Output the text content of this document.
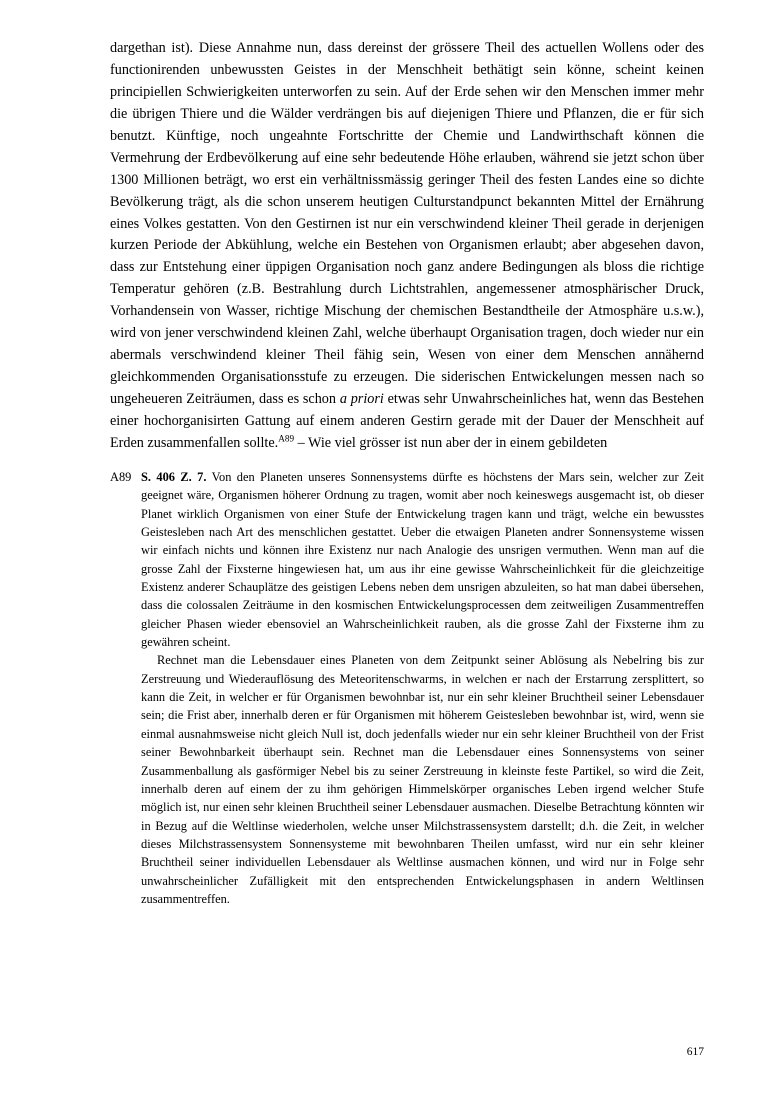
dargethan ist). Diese Annahme nun, dass dereinst der grössere Theil des actuellen Wollens oder des functionirenden unbewussten Geistes in der Menschheit bethätigt sein könne, scheint keinen principiellen Schwierigkeiten unterworfen zu sein. Auf der Erde sehen wir den Menschen immer mehr die übrigen Thiere und die Wälder verdrängen bis auf diejenigen Thiere und Pflanzen, die er für sich benutzt. Künftige, noch ungeahnte Fortschritte der Chemie und Landwirthschaft können die Vermehrung der Erdbevölkerung auf eine sehr bedeutende Höhe erlauben, während sie jetzt schon über 1300 Millionen beträgt, wo erst ein verhältnissmässig geringer Theil des festen Landes eine so dichte Bevölkerung trägt, als die schon unserem heutigen Culturstandpunct bekannten Mittel der Ernährung eines Volkes gestatten. Von den Gestirnen ist nur ein verschwindend kleiner Theil gerade in derjenigen kurzen Periode der Abkühlung, welche ein Bestehen von Organismen erlaubt; aber abgesehen davon, dass zur Entstehung einer üppigen Organisation noch ganz andere Bedingungen als bloss die richtige Temperatur gehören (z.B. Bestrahlung durch Lichtstrahlen, angemessener atmosphärischer Druck, Vorhandensein von Wasser, richtige Mischung der chemischen Bestandtheile der Atmosphäre u.s.w.), wird von jener verschwindend kleinen Zahl, welche überhaupt Organisation tragen, doch wieder nur ein abermals verschwindend kleiner Theil fähig sein, Wesen von einer dem Menschen annähernd gleichkommenden Organisationsstufe zu erzeugen. Die siderischen Entwickelungen messen nach so ungeheueren Zeiträumen, dass es schon a priori etwas sehr Unwahrscheinliches hat, wenn das Bestehen einer hochorganisirten Gattung auf einem anderen Gestirn gerade mit der Dauer der Menschheit auf Erden zusammenfallen sollte.$^{A89}$ – Wie viel grösser ist nun aber der in einem gebildeten

A89 S. 406 Z. 7. Von den Planeten unseres Sonnensystems dürfte es höchstens der Mars sein, welcher zur Zeit geeignet wäre, Organismen höherer Ordnung zu tragen, womit aber noch keineswegs ausgemacht ist, ob dieser Planet wirklich Organismen von einer Stufe der Entwickelung tragen kann und trägt, welche ein bewusstes Geistesleben nach Art des menschlichen gestattet. Ueber die etwaigen Planeten andrer Sonnensysteme wissen wir einfach nichts und können ihre Existenz nur nach Analogie des unsrigen vermuthen. Wenn man auf die grosse Zahl der Fixsterne hingewiesen hat, um aus ihr eine gewisse Wahrscheinlichkeit für die gleichzeitige Existenz anderer Schauplätze des geistigen Lebens neben dem unsrigen abzuleiten, so hat man dabei übersehen, dass die colossalen Zeiträume in den kosmischen Entwickelungsprocessen dem zeitweiligen Zusammentreffen gleicher Phasen wieder ebensoviel an Wahrscheinlichkeit rauben, als die grosse Zahl der Fixsterne ihm zu gewähren scheint.

Rechnet man die Lebensdauer eines Planeten von dem Zeitpunkt seiner Ablösung als Nebelring bis zur Zerstreuung und Wiederauflösung des Meteoritenschwarms, in welchen er nach der Erstarrung zersplittert, so kann die Zeit, in welcher er für Organismen bewohnbar ist, nur ein sehr kleiner Bruchtheil seiner Lebensdauer sein; die Frist aber, innerhalb deren er für Organismen mit höherem Geistesleben bewohnbar ist, wird, wenn sie einmal ausnahmsweise nicht gleich Null ist, doch jedenfalls wieder nur ein sehr kleiner Bruchtheil von der Frist seiner Bewohnbarkeit überhaupt sein. Rechnet man die Lebensdauer eines Sonnensystems von seiner Zusammenballung als gasförmiger Nebel bis zu seiner Zerstreuung in kleinste feste Partikel, so wird die Zeit, innerhalb deren auf einem der zu ihm gehörigen Himmelskörper organisches Leben irgend welcher Stufe möglich ist, nur einen sehr kleinen Bruchtheil seiner Lebensdauer ausmachen. Dieselbe Betrachtung könnten wir in Bezug auf die Weltlinse wiederholen, welche unser Milchstrassensystem darstellt; d.h. die Zeit, in welcher dieses Milchstrassensystem Sonnensysteme mit bewohnbaren Theilen umfasst, wird nur ein sehr kleiner Bruchtheil seiner individuellen Lebensdauer als Weltlinse ausmachen können, und wird nur in Folge sehr unwahrscheinlicher Zufälligkeit mit den entsprechenden Entwickelungsphasen in andern Weltlinsen zusammentreffen.

617
